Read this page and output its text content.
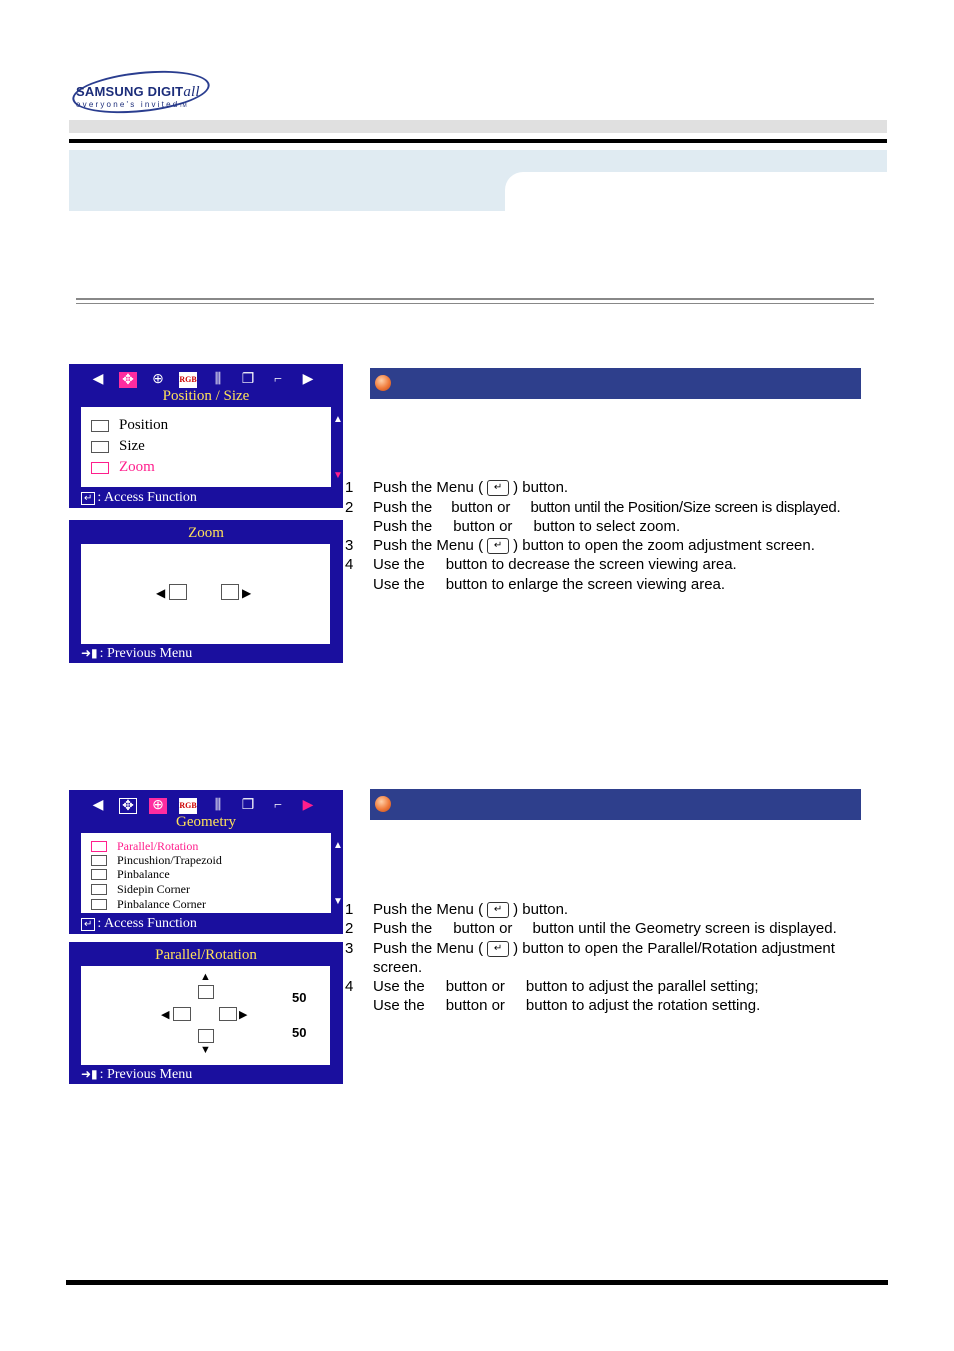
SAMSUNG DIGITall
everyone's invitedTM
◀ ✥ ⊕	RGB	⫼	❐	⌐	▶
Position / Size
Position
Size
Zoom
▲
▼
↵ : Access Function
Zoom
◀	▶
➜▮ : Previous Menu
1 Push the Menu ( ↵ ) button.
2 Push the button or button until the Position/Size screen is displayed.
Push the button or button to select zoom.
3 Push the Menu ( ↵ ) button to open the zoom adjustment screen.
4 Use the button to decrease the screen viewing area.
Use the button to enlarge the screen viewing area.
◀ ✥ ⊕	RGB	⫼	❐	⌐	▶
Geometry
Parallel/Rotation
Pincushion/Trapezoid
Pinbalance
Sidepin Corner
Pinbalance Corner
▲
▼
↵ : Access Function
Parallel/Rotation
▲
◀	▶
▼
50
50
➜▮ : Previous Menu
1 Push the Menu ( ↵ ) button.
2 Push the button or button until the Geometry screen is displayed.
3 Push the Menu ( ↵ ) button to open the Parallel/Rotation adjustment
screen.
4 Use the button or button to adjust the parallel setting;
Use the button or button to adjust the rotation setting.
